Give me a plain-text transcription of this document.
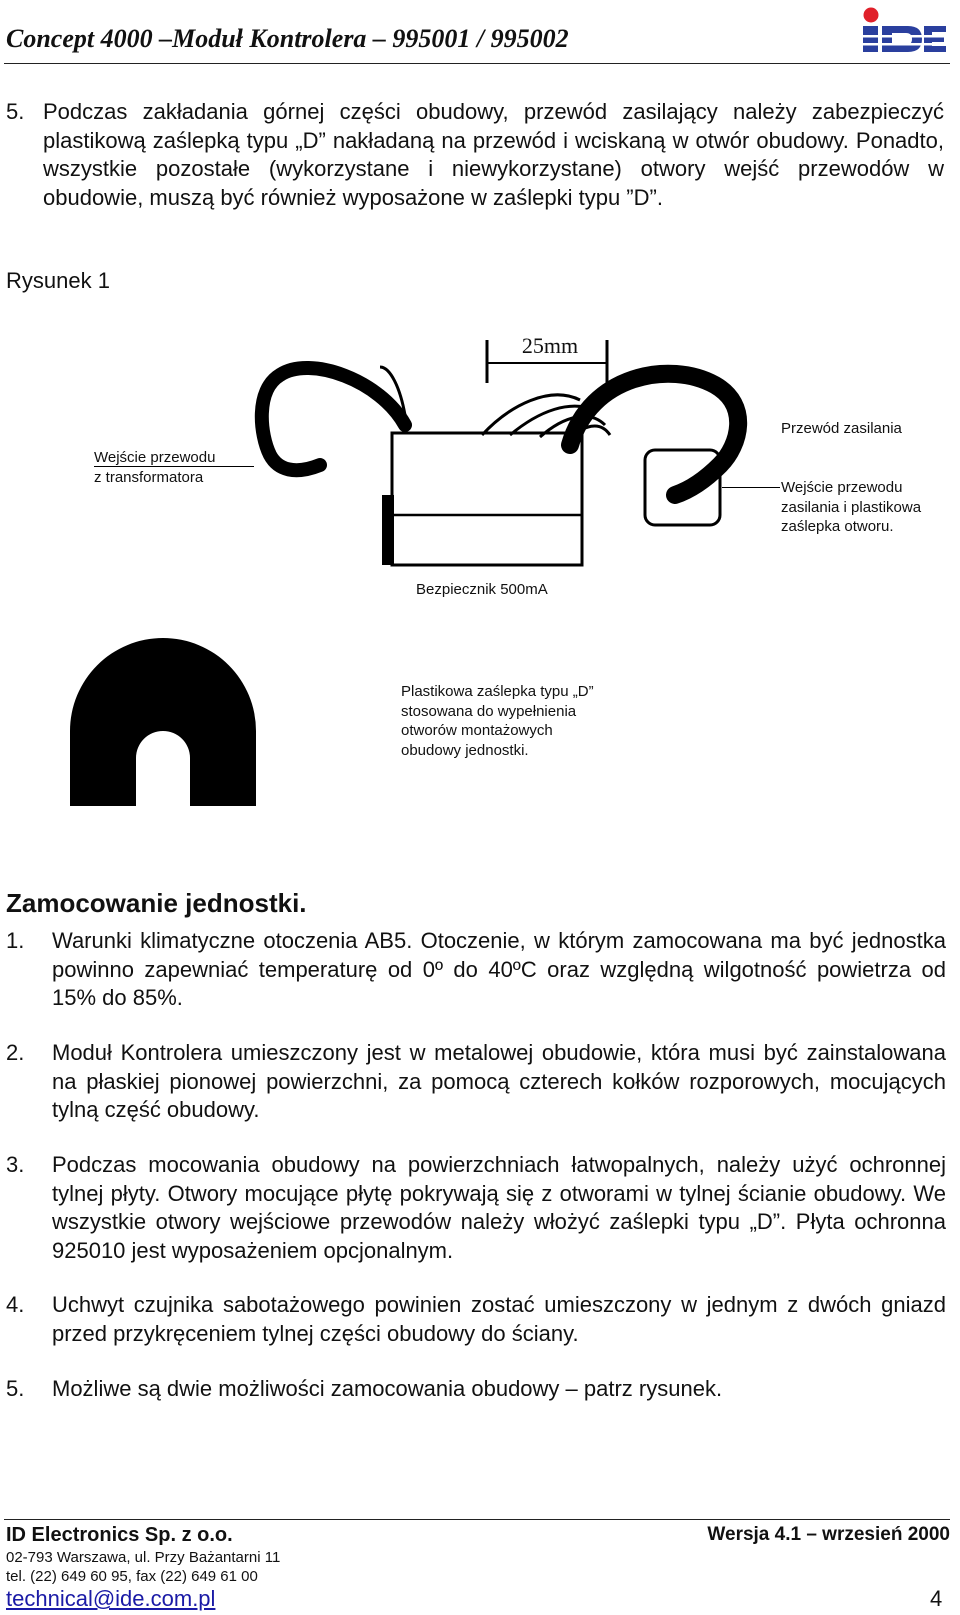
Concept 4000 –Moduł Kontrolera – 995001 / 995002
IDE
5. Podczas zakładania górnej części obudowy, przewód zasilający należy zabezpieczyć plastikową zaślepką typu „D” nakładaną na przewód i wciskaną w otwór obudowy. Ponadto, wszystkie pozostałe (wykorzystane i niewykorzystane) otwory wejść przewodów w obudowie, muszą być również wyposażone w zaślepki typu ”D”.
Rysunek 1
25mm
Wejście przewodu
z transformatora
Przewód zasilania
Wejście przewodu
zasilania i plastikowa
zaślepka otworu.
Bezpiecznik 500mA
Plastikowa zaślepka typu „D”
stosowana do wypełnienia
otworów montażowych
obudowy jednostki.
Zamocowanie jednostki.
1. Warunki klimatyczne otoczenia AB5. Otoczenie, w którym zamocowana ma być jednostka powinno zapewniać temperaturę od 0º do 40ºC oraz względną wilgotność powietrza od 15% do 85%.
2. Moduł Kontrolera umieszczony jest w metalowej obudowie, która musi być zainstalowana na płaskiej pionowej powierzchni, za pomocą czterech kołków rozporowych, mocujących tylną część obudowy.
3. Podczas mocowania obudowy na powierzchniach łatwopalnych, należy użyć ochronnej tylnej płyty. Otwory mocujące płytę pokrywają się z otworami w tylnej ścianie obudowy. We wszystkie otwory wejściowe przewodów należy włożyć zaślepki typu „D”. Płyta ochronna 925010 jest wyposażeniem opcjonalnym.
4. Uchwyt czujnika sabotażowego powinien zostać umieszczony w jednym z dwóch gniazd przed przykręceniem tylnej części obudowy do ściany.
5. Możliwe są dwie możliwości zamocowania obudowy – patrz rysunek.
ID Electronics Sp. z o.o.	Wersja 4.1 – wrzesień 2000
02-793 Warszawa, ul. Przy Bażantarni 11
tel. (22) 649 60 95, fax (22) 649 61 00
technical@ide.com.pl	4
